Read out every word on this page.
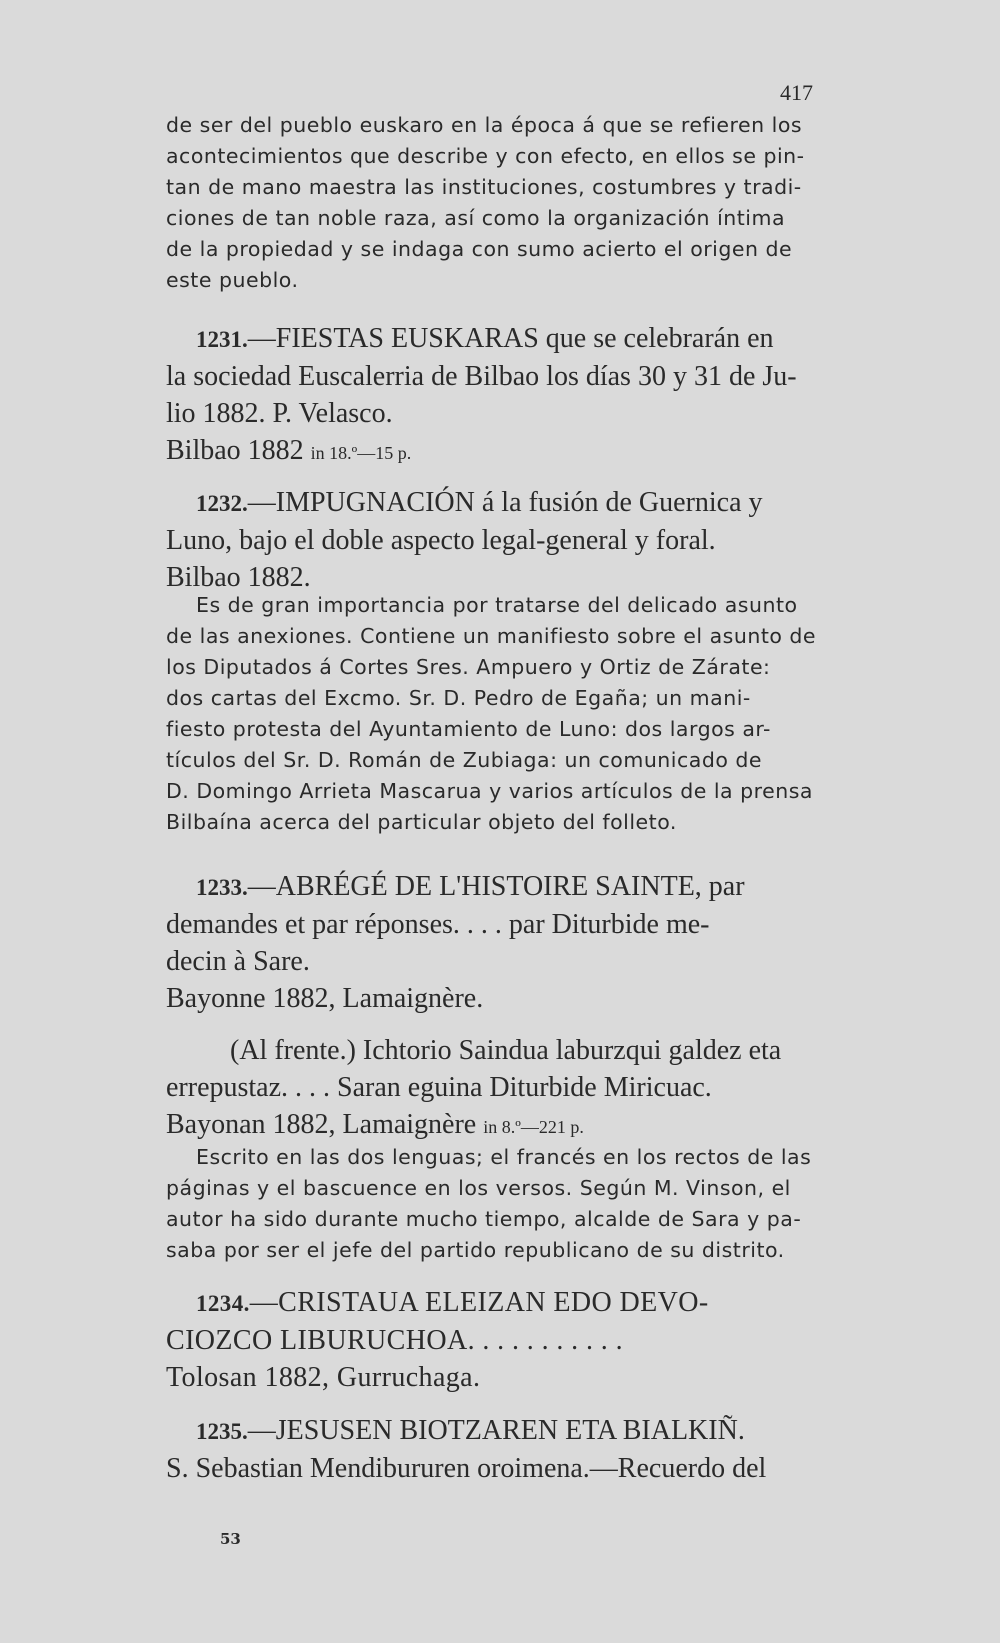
417
de ser del pueblo euskaro en la época á que se refieren los
acontecimientos que describe y con efecto, en ellos se pin-
tan de mano maestra las instituciones, costumbres y tradi-
ciones de tan noble raza, así como la organización íntima
de la propiedad y se indaga con sumo acierto el origen de
este pueblo.
1231.—FIESTAS EUSKARAS que se celebrarán en
la sociedad Euscalerria de Bilbao los días 30 y 31 de Ju-
lio 1882. P. Velasco.
Bilbao 1882 in 18.º—15 p.
1232.—IMPUGNACIÓN á la fusión de Guernica y
Luno, bajo el doble aspecto legal-general y foral.
Bilbao 1882.
Es de gran importancia por tratarse del delicado asunto
de las anexiones. Contiene un manifiesto sobre el asunto de
los Diputados á Cortes Sres. Ampuero y Ortiz de Zárate:
dos cartas del Excmo. Sr. D. Pedro de Egaña; un mani-
fiesto protesta del Ayuntamiento de Luno: dos largos ar-
tículos del Sr. D. Román de Zubiaga: un comunicado de
D. Domingo Arrieta Mascarua y varios artículos de la prensa
Bilbaína acerca del particular objeto del folleto.
1233.—ABRÉGÉ DE L'HISTOIRE SAINTE, par
demandes et par réponses. . . . par Diturbide me-
decin à Sare.
Bayonne 1882, Lamaignère.
(Al frente.) Ichtorio Saindua laburzqui galdez eta
errepustaz. . . . Saran eguina Diturbide Miricuac.
Bayonan 1882, Lamaignère in 8.º—221 p.
Escrito en las dos lenguas; el francés en los rectos de las
páginas y el bascuence en los versos. Según M. Vinson, el
autor ha sido durante mucho tiempo, alcalde de Sara y pa-
saba por ser el jefe del partido republicano de su distrito.
1234.—CRISTAUA ELEIZAN EDO DEVO-
CIOZCO LIBURUCHOA. . . . . . . . . . .
Tolosan 1882, Gurruchaga.
1235.—JESUSEN BIOTZAREN ETA BIALKIÑ.
S. Sebastian Mendibururen oroimena.—Recuerdo del
53
